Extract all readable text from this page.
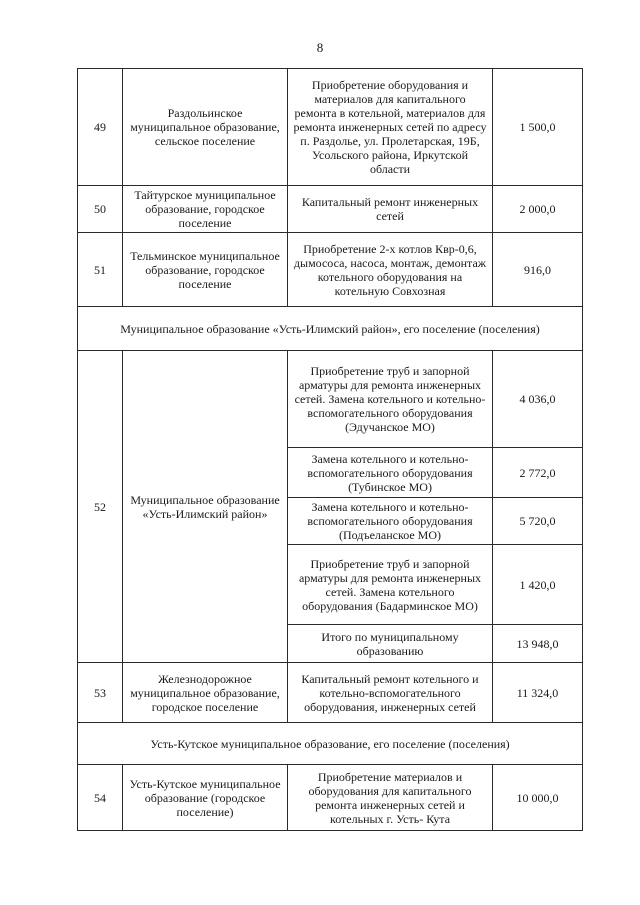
8
49	Раздольинское муниципальное образование, сельское поселение	Приобретение оборудования и материалов для капитального ремонта в котельной, материалов для ремонта инженерных сетей по адресу п. Раздолье, ул. Пролетарская, 19Б, Усольского района, Иркутской области	1 500,0
50	Тайтурское муниципальное образование, городское поселение	Капитальный ремонт инженерных сетей	2 000,0
51	Тельминское муниципальное образование, городское поселение	Приобретение 2-х котлов Квр-0,6, дымососа, насоса, монтаж, демонтаж котельного оборудования на котельную Совхозная	916,0
Муниципальное образование «Усть-Илимский район», его поселение (поселения)			
52	Муниципальное образование «Усть-Илимский район»	Приобретение труб и запорной арматуры для ремонта инженерных сетей. Замена котельного и котельно-вспомогательного оборудования (Эдучанское МО)	4 036,0
		Замена котельного и котельно-вспомогательного оборудования (Тубинское МО)	2 772,0
		Замена котельного и котельно-вспомогательного оборудования (Подъеланское МО)	5 720,0
		Приобретение труб и запорной арматуры для ремонта инженерных сетей. Замена котельного оборудования (Бадарминское МО)	1 420,0
		Итого по муниципальному образованию	13 948,0
53	Железнодорожное муниципальное образование, городское поселение	Капитальный ремонт котельного и котельно-вспомогательного оборудования, инженерных сетей	11 324,0
Усть-Кутское муниципальное образование, его поселение (поселения)			
54	Усть-Кутское муниципальное образование (городское поселение)	Приобретение материалов и оборудования для капитального ремонта инженерных сетей и котельных г. Усть- Кута	10 000,0
